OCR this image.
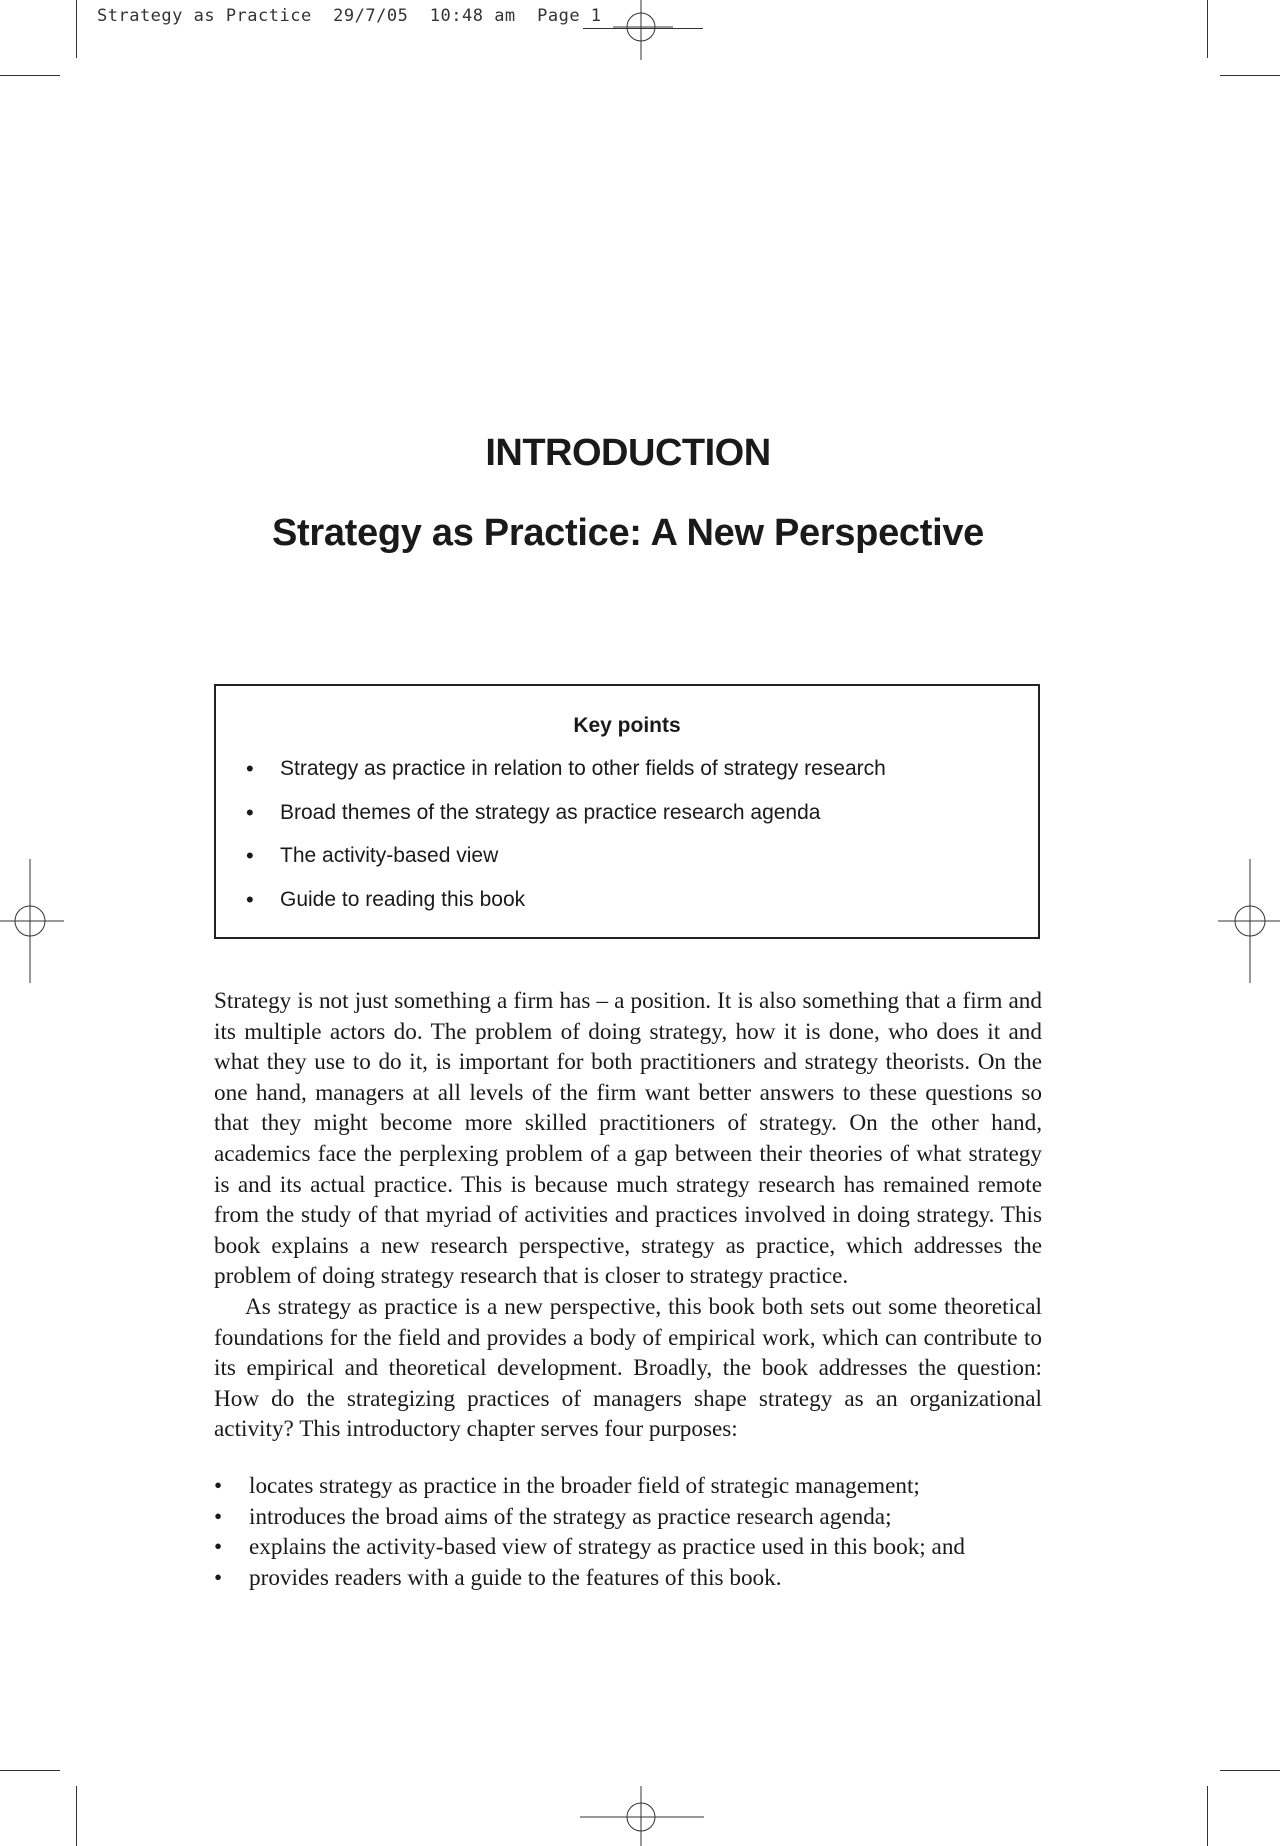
Strategy as Practice  29/7/05  10:48 am  Page 1
INTRODUCTION
Strategy as Practice: A New Perspective
Key points
• Strategy as practice in relation to other fields of strategy research
• Broad themes of the strategy as practice research agenda
• The activity-based view
• Guide to reading this book

Strategy is not just something a firm has – a position. It is also something that a firm and its multiple actors do. The problem of doing strategy, how it is done, who does it and what they use to do it, is important for both practitioners and strategy theorists. On the one hand, managers at all levels of the firm want better answers to these questions so that they might become more skilled practitioners of strategy. On the other hand, academics face the perplexing problem of a gap between their theories of what strategy is and its actual practice. This is because much strategy research has remained remote from the study of that myriad of activities and practices involved in doing strategy. This book explains a new research perspective, strategy as practice, which addresses the problem of doing strategy research that is closer to strategy practice.

As strategy as practice is a new perspective, this book both sets out some theoretical foundations for the field and provides a body of empirical work, which can contribute to its empirical and theoretical development. Broadly, the book addresses the question: How do the strategizing practices of managers shape strategy as an organizational activity? This introductory chapter serves four purposes:

• locates strategy as practice in the broader field of strategic management;
• introduces the broad aims of the strategy as practice research agenda;
• explains the activity-based view of strategy as practice used in this book; and
• provides readers with a guide to the features of this book.
